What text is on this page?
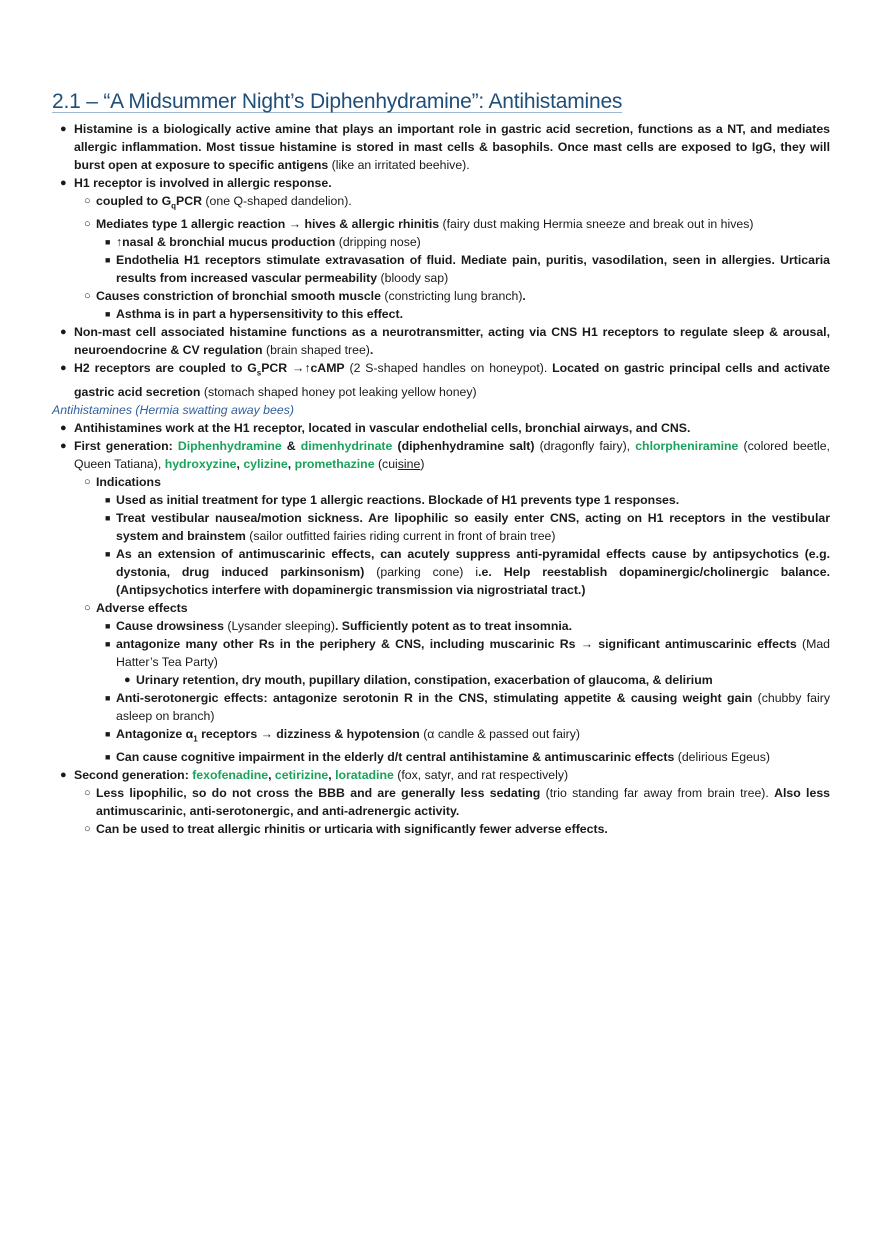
2.1 – “A Midsummer Night’s Diphenhydramine”: Antihistamines
● Histamine is a biologically active amine that plays an important role in gastric acid secretion, functions as a NT, and mediates allergic inflammation. Most tissue histamine is stored in mast cells & basophils. Once mast cells are exposed to IgG, they will burst open at exposure to specific antigens (like an irritated beehive).
● H1 receptor is involved in allergic response.
○ coupled to $G_qPCR$ (one Q-shaped dandelion).
○ Mediates type 1 allergic reaction → hives & allergic rhinitis (fairy dust making Hermia sneeze and break out in hives)
■ ↑nasal & bronchial mucus production (dripping nose)
■ Endothelia H1 receptors stimulate extravasation of fluid. Mediate pain, puritis, vasodilation, seen in allergies. Urticaria results from increased vascular permeability (bloody sap)
○ Causes constriction of bronchial smooth muscle (constricting lung branch).
■ Asthma is in part a hypersensitivity to this effect.
● Non-mast cell associated histamine functions as a neurotransmitter, acting via CNS H1 receptors to regulate sleep & arousal, neuroendocrine & CV regulation (brain shaped tree).
● H2 receptors are coupled to $G_sPCR$ →↑cAMP (2 S-shaped handles on honeypot). Located on gastric principal cells and activate gastric acid secretion (stomach shaped honey pot leaking yellow honey)
Antihistamines (Hermia swatting away bees)
● Antihistamines work at the H1 receptor, located in vascular endothelial cells, bronchial airways, and CNS.
● First generation: Diphenhydramine & dimenhydrinate (diphenhydramine salt) (dragonfly fairy), chlorpheniramine (colored beetle, Queen Tatiana), hydroxyzine, cylizine, promethazine (cuisine)
○ Indications
■ Used as initial treatment for type 1 allergic reactions. Blockade of H1 prevents type 1 responses.
■ Treat vestibular nausea/motion sickness. Are lipophilic so easily enter CNS, acting on H1 receptors in the vestibular system and brainstem (sailor outfitted fairies riding current in front of brain tree)
■ As an extension of antimuscarinic effects, can acutely suppress anti-pyramidal effects cause by antipsychotics (e.g. dystonia, drug induced parkinsonism) (parking cone) i.e. Help reestablish dopaminergic/cholinergic balance. (Antipsychotics interfere with dopaminergic transmission via nigrostriatal tract.)
○ Adverse effects
■ Cause drowsiness (Lysander sleeping). Sufficiently potent as to treat insomnia.
■ antagonize many other Rs in the periphery & CNS, including muscarinic Rs → significant antimuscarinic effects (Mad Hatter’s Tea Party)
● Urinary retention, dry mouth, pupillary dilation, constipation, exacerbation of glaucoma, & delirium
■ Anti-serotonergic effects: antagonize serotonin R in the CNS, stimulating appetite & causing weight gain (chubby fairy asleep on branch)
■ Antagonize $\alpha_1$ receptors → dizziness & hypotension (α candle & passed out fairy)
■ Can cause cognitive impairment in the elderly d/t central antihistamine & antimuscarinic effects (delirious Egeus)
● Second generation: fexofenadine, cetirizine, loratadine (fox, satyr, and rat respectively)
○ Less lipophilic, so do not cross the BBB and are generally less sedating (trio standing far away from brain tree). Also less antimuscarinic, anti-serotonergic, and anti-adrenergic activity.
○ Can be used to treat allergic rhinitis or urticaria with significantly fewer adverse effects.
